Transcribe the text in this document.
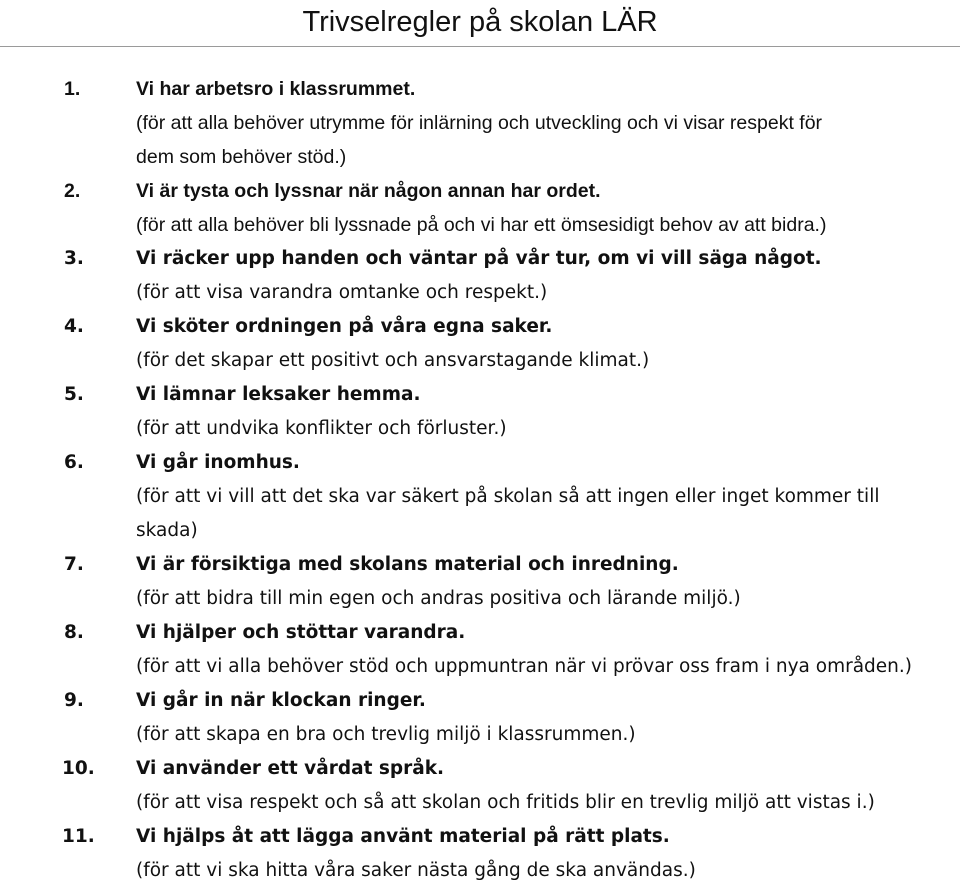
Trivselregler på skolan LÄR
1.	Vi har arbetsro i klassrummet.
(för att alla behöver utrymme för inlärning och utveckling och vi visar respekt för
dem som behöver stöd.)
2.	Vi är tysta och lyssnar när någon annan har ordet.
(för att alla behöver bli lyssnade på och vi har ett ömsesidigt behov av att bidra.)
3.	Vi räcker upp handen och väntar på vår tur, om vi vill säga något.
(för att visa varandra omtanke och respekt.)
4.	Vi sköter ordningen på våra egna saker.
(för det skapar ett positivt och ansvarstagande klimat.)
5.	Vi lämnar leksaker hemma.
(för att undvika konflikter och förluster.)
6.	Vi går inomhus.
(för att vi vill att det ska var säkert på skolan så att ingen eller inget kommer till
skada)
7.	Vi är försiktiga med skolans material och inredning.
(för att bidra till min egen och andras positiva och lärande miljö.)
8.	Vi hjälper och stöttar varandra.
(för att vi alla behöver stöd och uppmuntran när vi prövar oss fram i nya områden.)
9.	Vi går in när klockan ringer.
(för att skapa en bra och trevlig miljö i klassrummen.)
10. Vi använder ett vårdat språk.
(för att visa respekt och så att skolan och fritids blir en trevlig miljö att vistas i.)
11. Vi hjälps åt att lägga använt material på rätt plats.
(för att vi ska hitta våra saker nästa gång de ska användas.)
